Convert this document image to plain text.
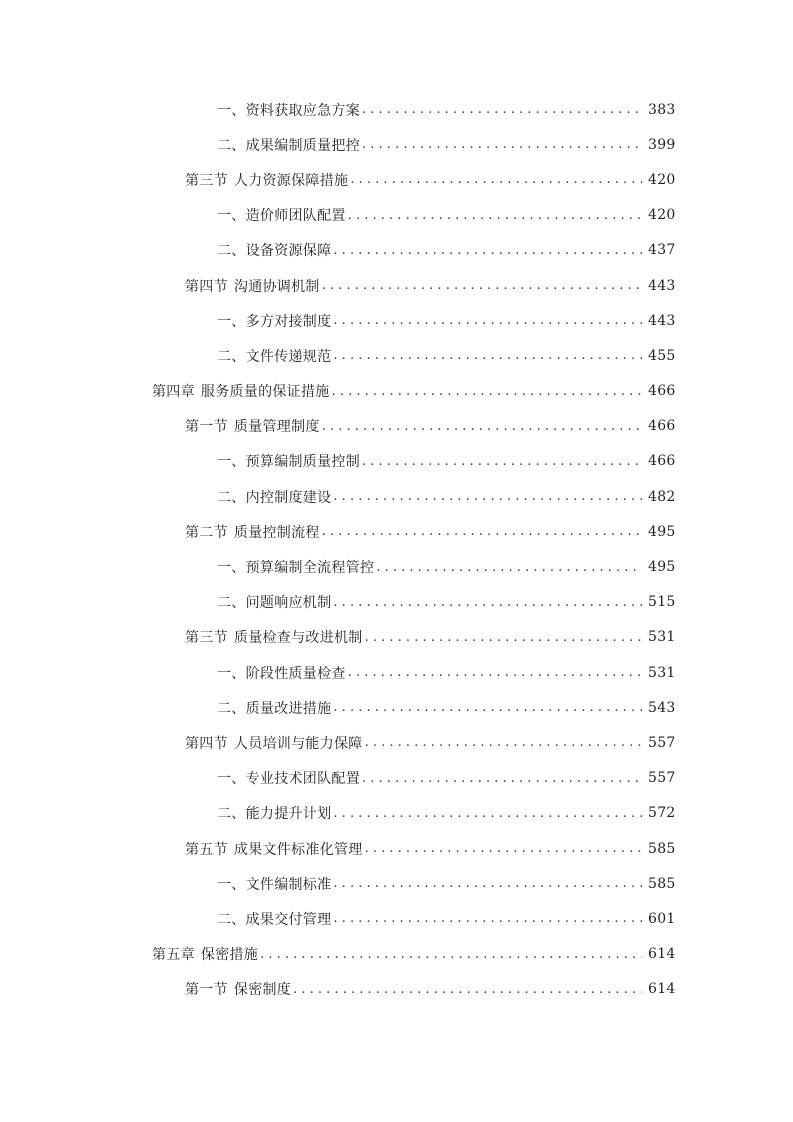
一、 资料获取应急方案 . . .	383
二、 成果编制质量把控 . . .	399
第三节 人力资源保障措施 . . .	420
一、 造价师团队配置 . . .	420
二、 设备资源保障 . . .	437
第四节 沟通协调机制 . . .	443
一、 多方对接制度 . . .	443
二、 文件传递规范 . . .	455
第四章 服务质量的保证措施 . . .	466
第一节 质量管理制度 . . .	466
一、 预算编制质量控制 . . .	466
二、 内控制度建设 . . .	482
第二节 质量控制流程 . . .	495
一、 预算编制全流程管控 . . .	495
二、 问题响应机制 . . .	515
第三节 质量检查与改进机制 . . .	531
一、 阶段性质量检查 . . .	531
二、 质量改进措施 . . .	543
第四节 人员培训与能力保障 . . .	557
一、 专业技术团队配置 . . .	557
二、 能力提升计划 . . .	572
第五节 成果文件标准化管理 . . .	585
一、 文件编制标准 . . .	585
二、 成果交付管理 . . .	601
第五章 保密措施 . . .	614
第一节 保密制度 . . .	614
